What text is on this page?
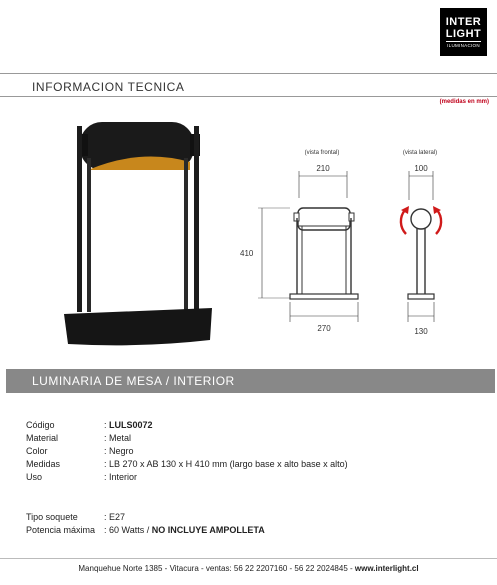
INTER
LIGHT
ILUMINACION
INFORMACION TECNICA
(medidas en mm)
(vista frontal)	(vista lateral)
210	100
410
270	130
LUMINARIA DE MESA / INTERIOR
Código	: LULS0072
Material	: Metal
Color	: Negro
Medidas	: LB 270 x AB 130 x H 410 mm (largo base x alto base x alto)
Uso	: Interior
Tipo soquete	: E27
Potencia máxima : 60 Watts / NO INCLUYE AMPOLLETA
Manquehue Norte 1385 - Vitacura - ventas: 56 22 2207160 - 56 22 2024845 - www.interlight.cl
